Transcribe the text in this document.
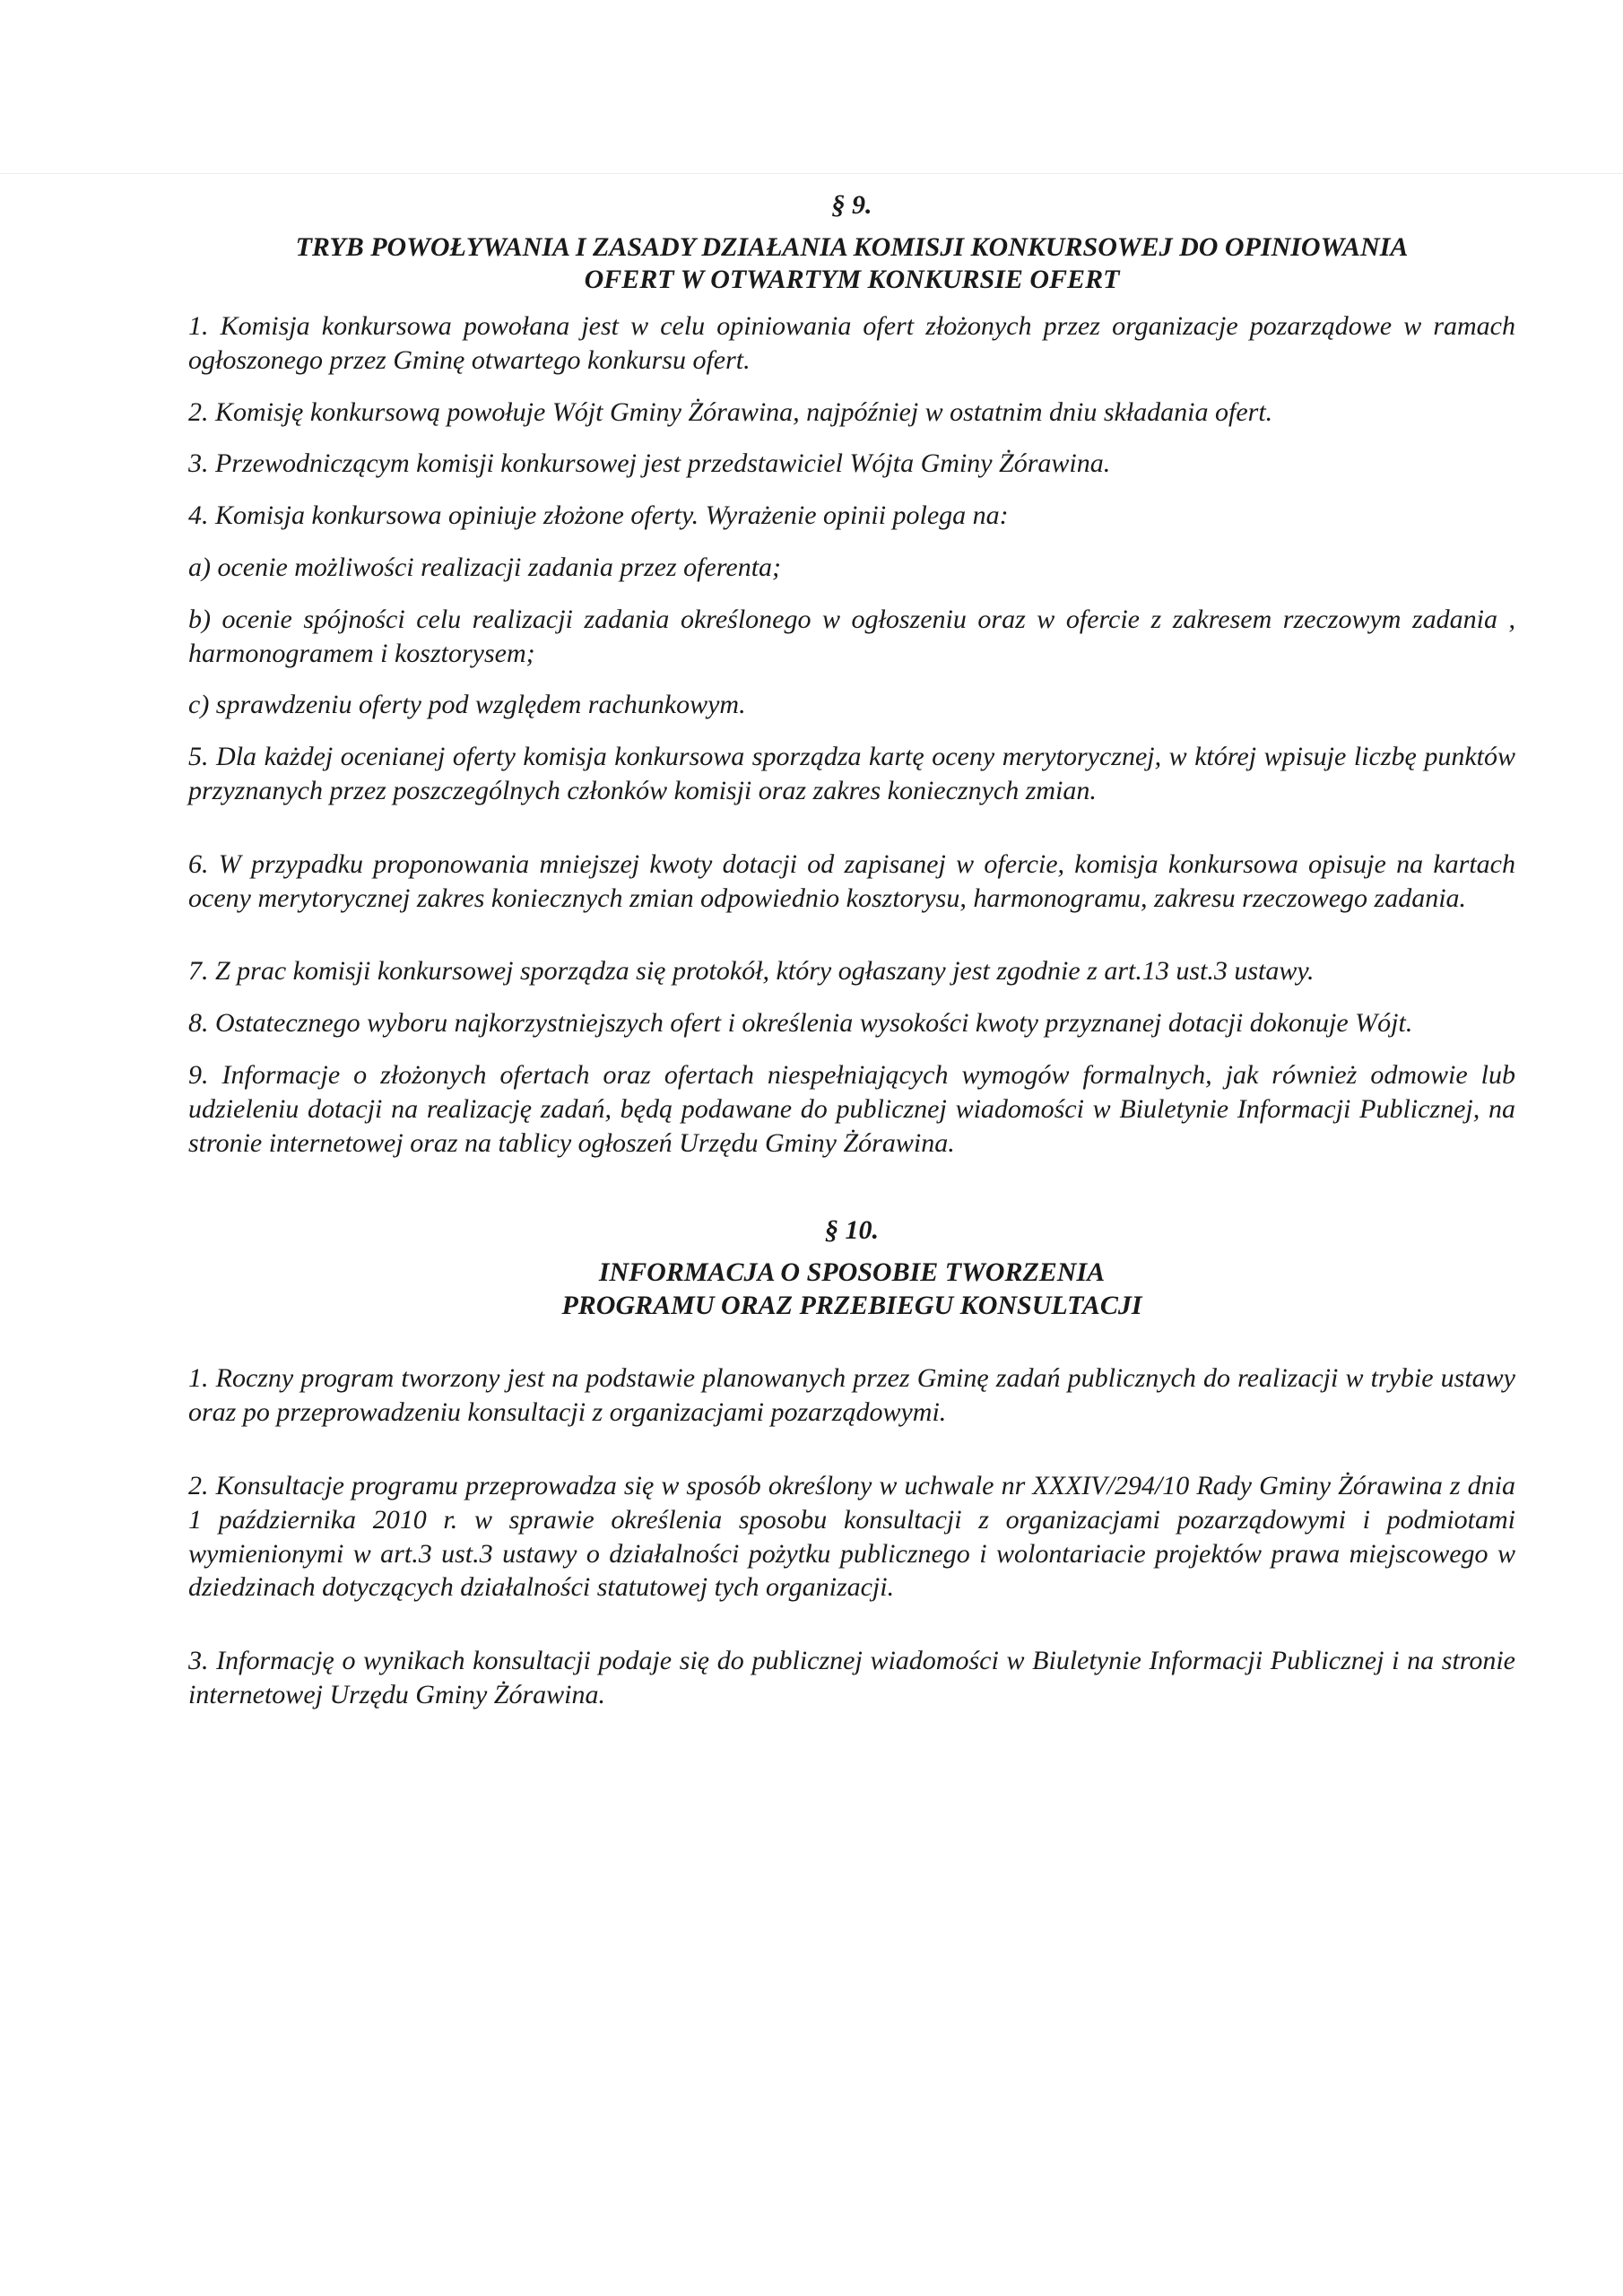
§ 9.
TRYB POWOŁYWANIA I ZASADY DZIAŁANIA KOMISJI KONKURSOWEJ DO OPINIOWANIA
OFERT W OTWARTYM KONKURSIE OFERT

1. Komisja konkursowa powołana jest w celu opiniowania ofert złożonych przez organizacje pozarządowe w ramach ogłoszonego przez Gminę otwartego konkursu ofert.

2. Komisję konkursową powołuje Wójt Gminy Żórawina, najpóźniej w ostatnim dniu składania ofert.

3. Przewodniczącym komisji konkursowej jest przedstawiciel Wójta Gminy Żórawina.

4. Komisja konkursowa opiniuje złożone oferty. Wyrażenie opinii polega na:

a) ocenie możliwości realizacji zadania przez oferenta;

b) ocenie spójności celu realizacji zadania określonego w ogłoszeniu oraz w ofercie z zakresem rzeczowym zadania , harmonogramem i kosztorysem;

c) sprawdzeniu oferty pod względem rachunkowym.

5. Dla każdej ocenianej oferty komisja konkursowa sporządza kartę oceny merytorycznej, w której wpisuje liczbę punktów przyznanych przez poszczególnych członków komisji oraz zakres koniecznych zmian.

6. W przypadku proponowania mniejszej kwoty dotacji od zapisanej w ofercie, komisja konkursowa opisuje na kartach oceny merytorycznej zakres koniecznych zmian odpowiednio kosztorysu, harmonogramu, zakresu rzeczowego zadania.

7. Z prac komisji konkursowej sporządza się protokół, który ogłaszany jest zgodnie z art.13 ust.3 ustawy.

8. Ostatecznego wyboru najkorzystniejszych ofert i określenia wysokości kwoty przyznanej dotacji dokonuje Wójt.

9. Informacje o złożonych ofertach oraz ofertach niespełniających wymogów formalnych, jak również odmowie lub udzieleniu dotacji na realizację zadań, będą podawane do publicznej wiadomości w Biuletynie Informacji Publicznej, na stronie internetowej oraz na tablicy ogłoszeń Urzędu Gminy Żórawina.

§ 10.
INFORMACJA O SPOSOBIE TWORZENIA
PROGRAMU ORAZ PRZEBIEGU KONSULTACJI

1. Roczny program tworzony jest na podstawie planowanych przez Gminę zadań publicznych do realizacji w trybie ustawy oraz po przeprowadzeniu konsultacji z organizacjami pozarządowymi.

2. Konsultacje programu przeprowadza się w sposób określony w uchwale nr XXXIV/294/10 Rady Gminy Żórawina z dnia 1 października 2010 r. w sprawie określenia sposobu konsultacji z organizacjami pozarządowymi i podmiotami wymienionymi w art.3 ust.3 ustawy o działalności pożytku publicznego i wolontariacie projektów prawa miejscowego w dziedzinach dotyczących działalności statutowej tych organizacji.

3. Informację o wynikach konsultacji podaje się do publicznej wiadomości w Biuletynie Informacji Publicznej i na stronie internetowej Urzędu Gminy Żórawina.
